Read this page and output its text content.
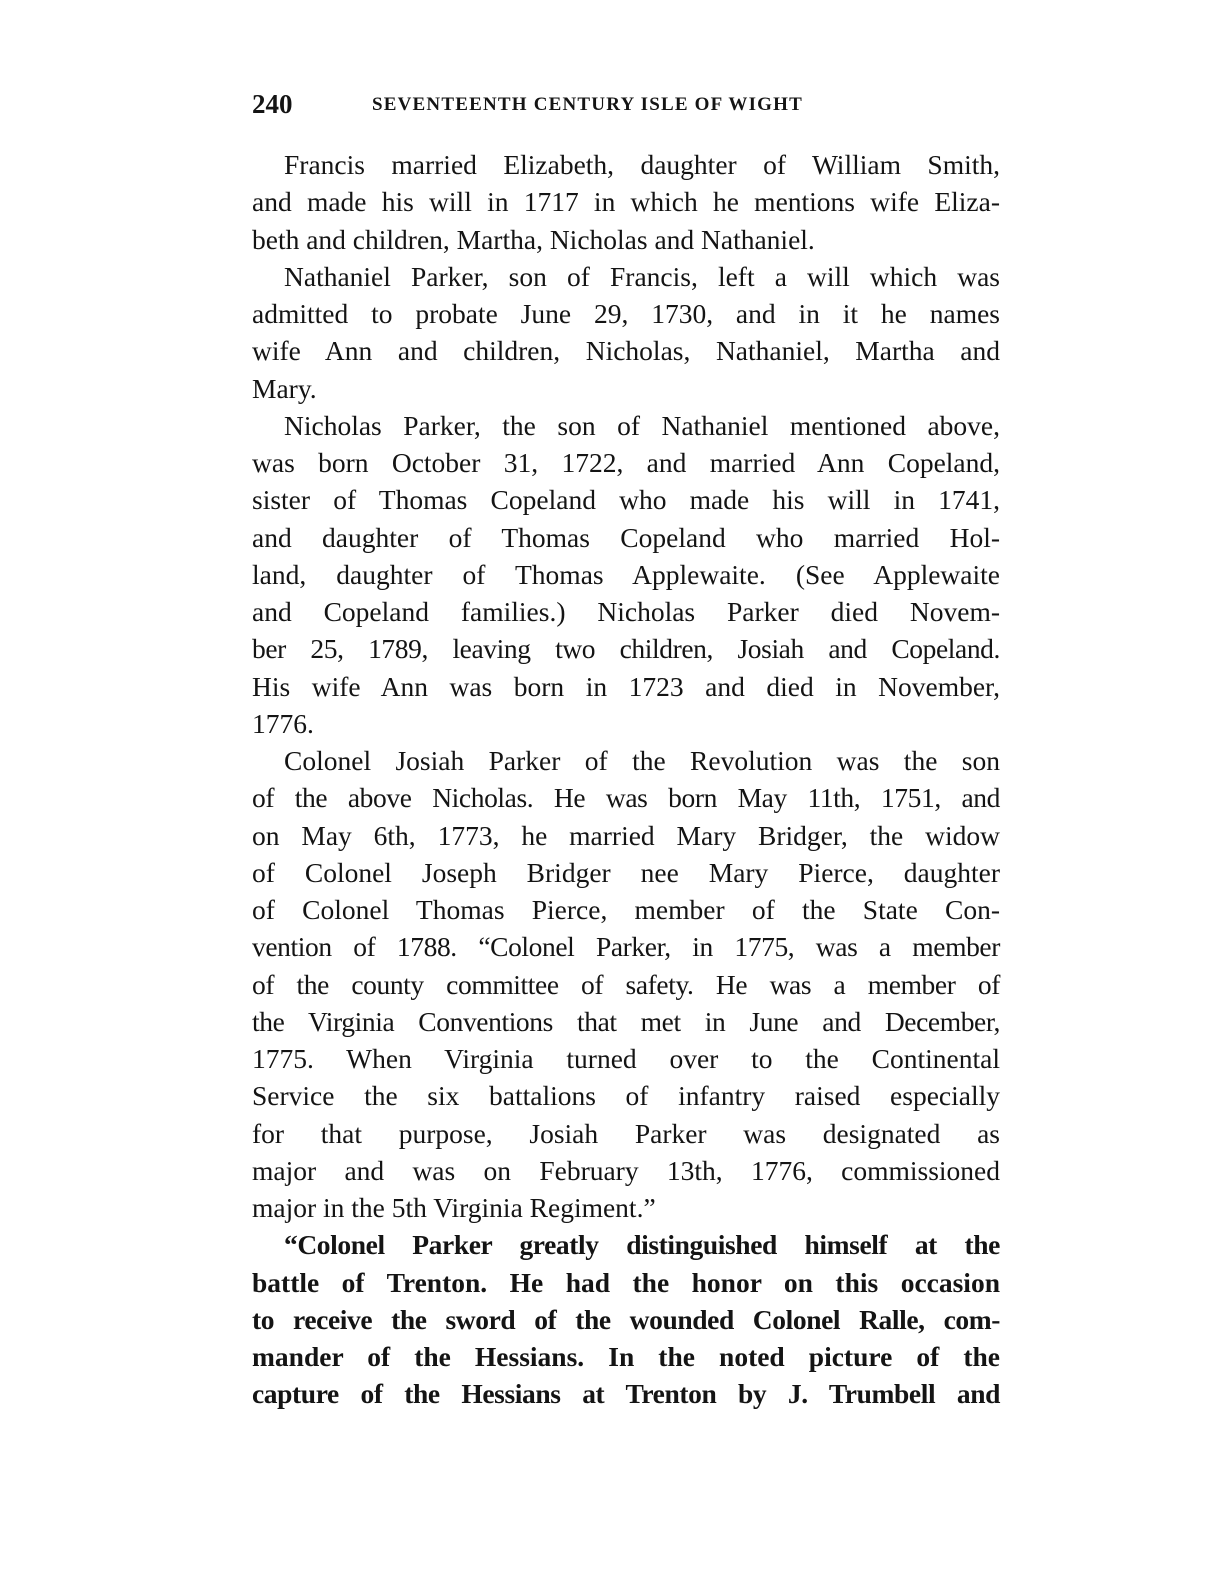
240	SEVENTEENTH CENTURY ISLE OF WIGHT
Francis married Elizabeth, daughter of William Smith,
and made his will in 1717 in which he mentions wife Eliza-
beth and children, Martha, Nicholas and Nathaniel.
Nathaniel Parker, son of Francis, left a will which was
admitted to probate June 29, 1730, and in it he names
wife Ann and children, Nicholas, Nathaniel, Martha and
Mary.
Nicholas Parker, the son of Nathaniel mentioned above,
was born October 31, 1722, and married Ann Copeland,
sister of Thomas Copeland who made his will in 1741,
and daughter of Thomas Copeland who married Hol-
land, daughter of Thomas Applewaite. (See Applewaite
and Copeland families.) Nicholas Parker died Novem-
ber 25, 1789, leaving two children, Josiah and Copeland.
His wife Ann was born in 1723 and died in November,
1776.
Colonel Josiah Parker of the Revolution was the son
of the above Nicholas. He was born May 11th, 1751, and
on May 6th, 1773, he married Mary Bridger, the widow
of Colonel Joseph Bridger nee Mary Pierce, daughter
of Colonel Thomas Pierce, member of the State Con-
vention of 1788. “Colonel Parker, in 1775, was a member
of the county committee of safety. He was a member of
the Virginia Conventions that met in June and December,
1775. When Virginia turned over to the Continental
Service the six battalions of infantry raised especially
for that purpose, Josiah Parker was designated as
major and was on February 13th, 1776, commissioned
major in the 5th Virginia Regiment.”
“Colonel Parker greatly distinguished himself at the
battle of Trenton. He had the honor on this occasion
to receive the sword of the wounded Colonel Ralle, com-
mander of the Hessians. In the noted picture of the
capture of the Hessians at Trenton by J. Trumbell and
